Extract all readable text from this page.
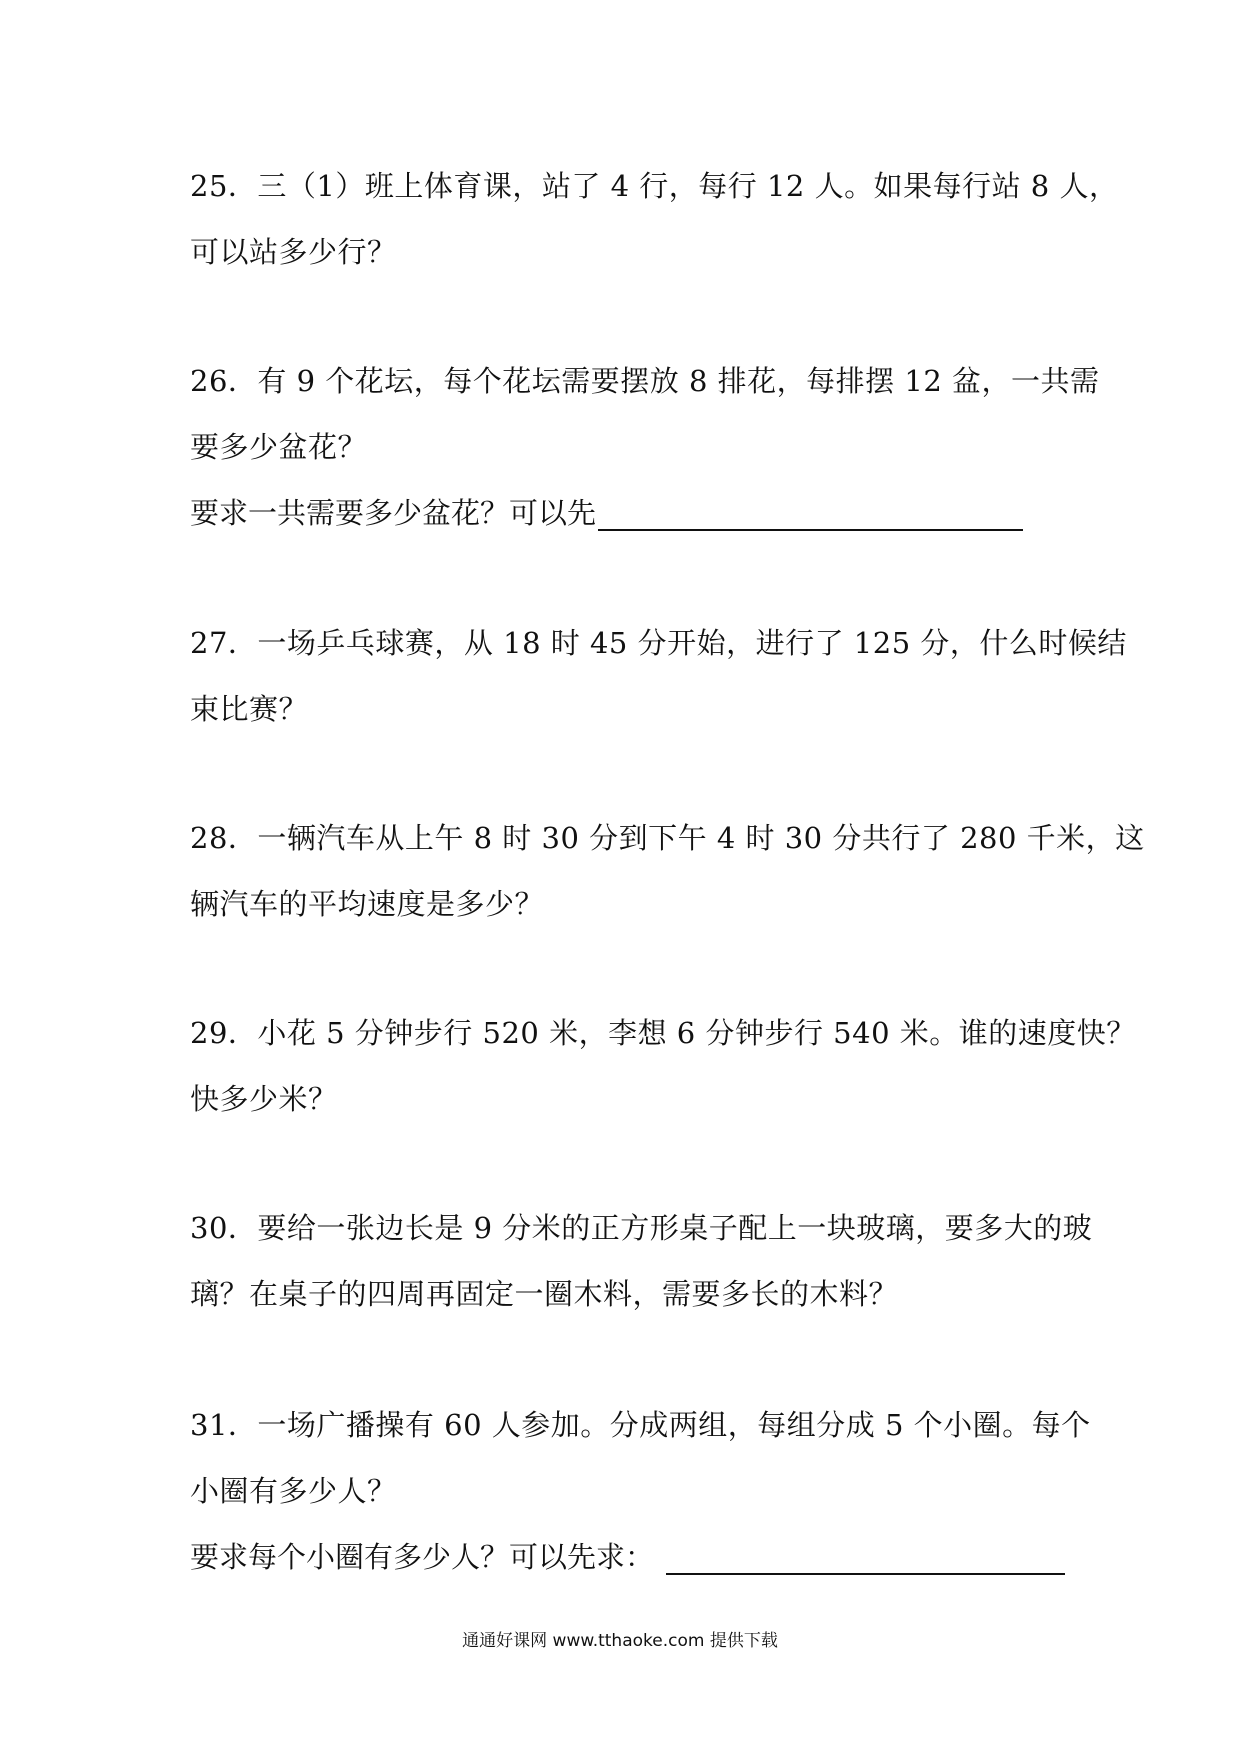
25．三（1）班上体育课，站了 4 行，每行 12 人。如果每行站 8 人，
可以站多少行？
26．有 9 个花坛，每个花坛需要摆放 8 排花，每排摆 12 盆，一共需
要多少盆花？
要求一共需要多少盆花？可以先
27．一场乒乓球赛，从 18 时 45 分开始，进行了 125 分，什么时候结
束比赛？
28．一辆汽车从上午 8 时 30 分到下午 4 时 30 分共行了 280 千米，这
辆汽车的平均速度是多少？
29．小花 5 分钟步行 520 米，李想 6 分钟步行 540 米。谁的速度快？
快多少米？
30．要给一张边长是 9 分米的正方形桌子配上一块玻璃，要多大的玻
璃？在桌子的四周再固定一圈木料，需要多长的木料？
31．一场广播操有 60 人参加。分成两组，每组分成 5 个小圈。每个
小圈有多少人？
要求每个小圈有多少人？可以先求：
通通好课网 www.tthaoke.com 提供下载
